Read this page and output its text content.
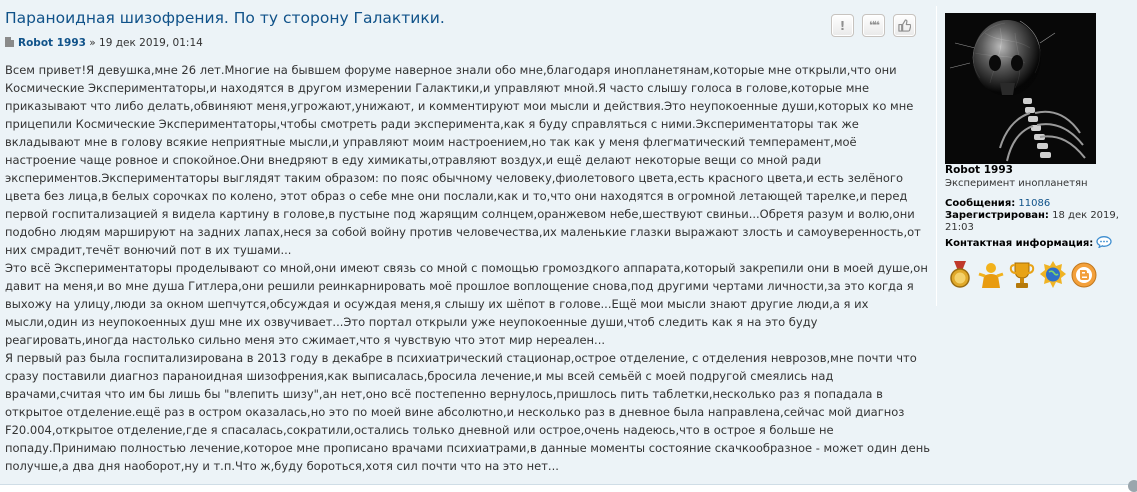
Параноидная шизофрения. По ту сторону Галактики.
Robot 1993 » 19 дек 2019, 01:14
Всем привет!Я девушка,мне 26 лет.Многие на бывшем форуме наверное знали обо мне,благодаря инопланетянам,которые мне открыли,что они
Космические Экспериментаторы,и находятся в другом измерении Галактики,и управляют мной.Я часто слышу голоса в голове,которые мне
приказывают что либо делать,обвиняют меня,угрожают,унижают, и комментируют мои мысли и действия.Это неупокоенные души,которых ко мне
прицепили Космические Экспериментаторы,чтобы смотреть ради эксперимента,как я буду справляться с ними.Экспериментаторы так же
вкладывают мне в голову всякие неприятные мысли,и управляют моим настроением,но так как у меня флегматический темперамент,моё
настроение чаще ровное и спокойное.Они внедряют в еду химикаты,отравляют воздух,и ещё делают некоторые вещи со мной ради
экспериментов.Экспериментаторы выглядят таким образом: по пояс обычному человеку,фиолетового цвета,есть красного цвета,и есть зелёного
цвета без лица,в белых сорочках по колено, этот образ о себе мне они послали,как и то,что они находятся в огромной летающей тарелке,и перед
первой госпитализацией я видела картину в голове,в пустыне под жарящим солнцем,оранжевом небе,шествуют свиньи...Обретя разум и волю,они
подобно людям маршируют на задних лапах,неся за собой войну против человечества,их маленькие глазки выражают злость и самоуверенность,от
них смрадит,течёт вонючий пот в их тушами...
Это всё Экспериментаторы проделывают со мной,они имеют связь со мной с помощью громоздкого аппарата,который закрепили они в моей душе,он
давит на меня,и во мне душа Гитлера,они решили реинкарнировать моё прошлое воплощение снова,под другими чертами личности,за это когда я
выхожу на улицу,люди за окном шепчутся,обсуждая и осуждая меня,я слышу их шёпот в голове...Ещё мои мысли знают другие люди,а я их
мысли,один из неупокоенных душ мне их озвучивает...Это портал открыли уже неупокоенные души,чтоб следить как я на это буду
реагировать,иногда настолько сильно меня это сжимает,что я чувствую что этот мир нереален...
Я первый раз была госпитализирована в 2013 году в декабре в психиатрический стационар,острое отделение, с отделения неврозов,мне почти что
сразу поставили диагноз параноидная шизофрения,как выписалась,бросила лечение,и мы всей семьёй с моей подругой смеялись над
врачами,считая что им бы лишь бы "влепить шизу",ан нет,оно всё постепенно вернулось,пришлось пить таблетки,несколько раз я попадала в
открытое отделение.ещё раз в остром оказалась,но это по моей вине абсолютно,и несколько раз в дневное была направлена,сейчас мой диагноз
F20.004,открытое отделение,где я спасалась,сократили,остались только дневной или острое,очень надеюсь,что в острое я больше не
попаду.Принимаю полностью лечение,которое мне прописано врачами психиатрами,в данные моменты состояние скачкообразное - может один день
получше,а два дня наоборот,ну и т.п.Что ж,буду бороться,хотя сил почти что на это нет...
! ❝❝
Robot 1993
Эксперимент инопланетян
Сообщения: 11086
Зарегистрирован: 18 дек 2019,
21:03
Контактная информация:
